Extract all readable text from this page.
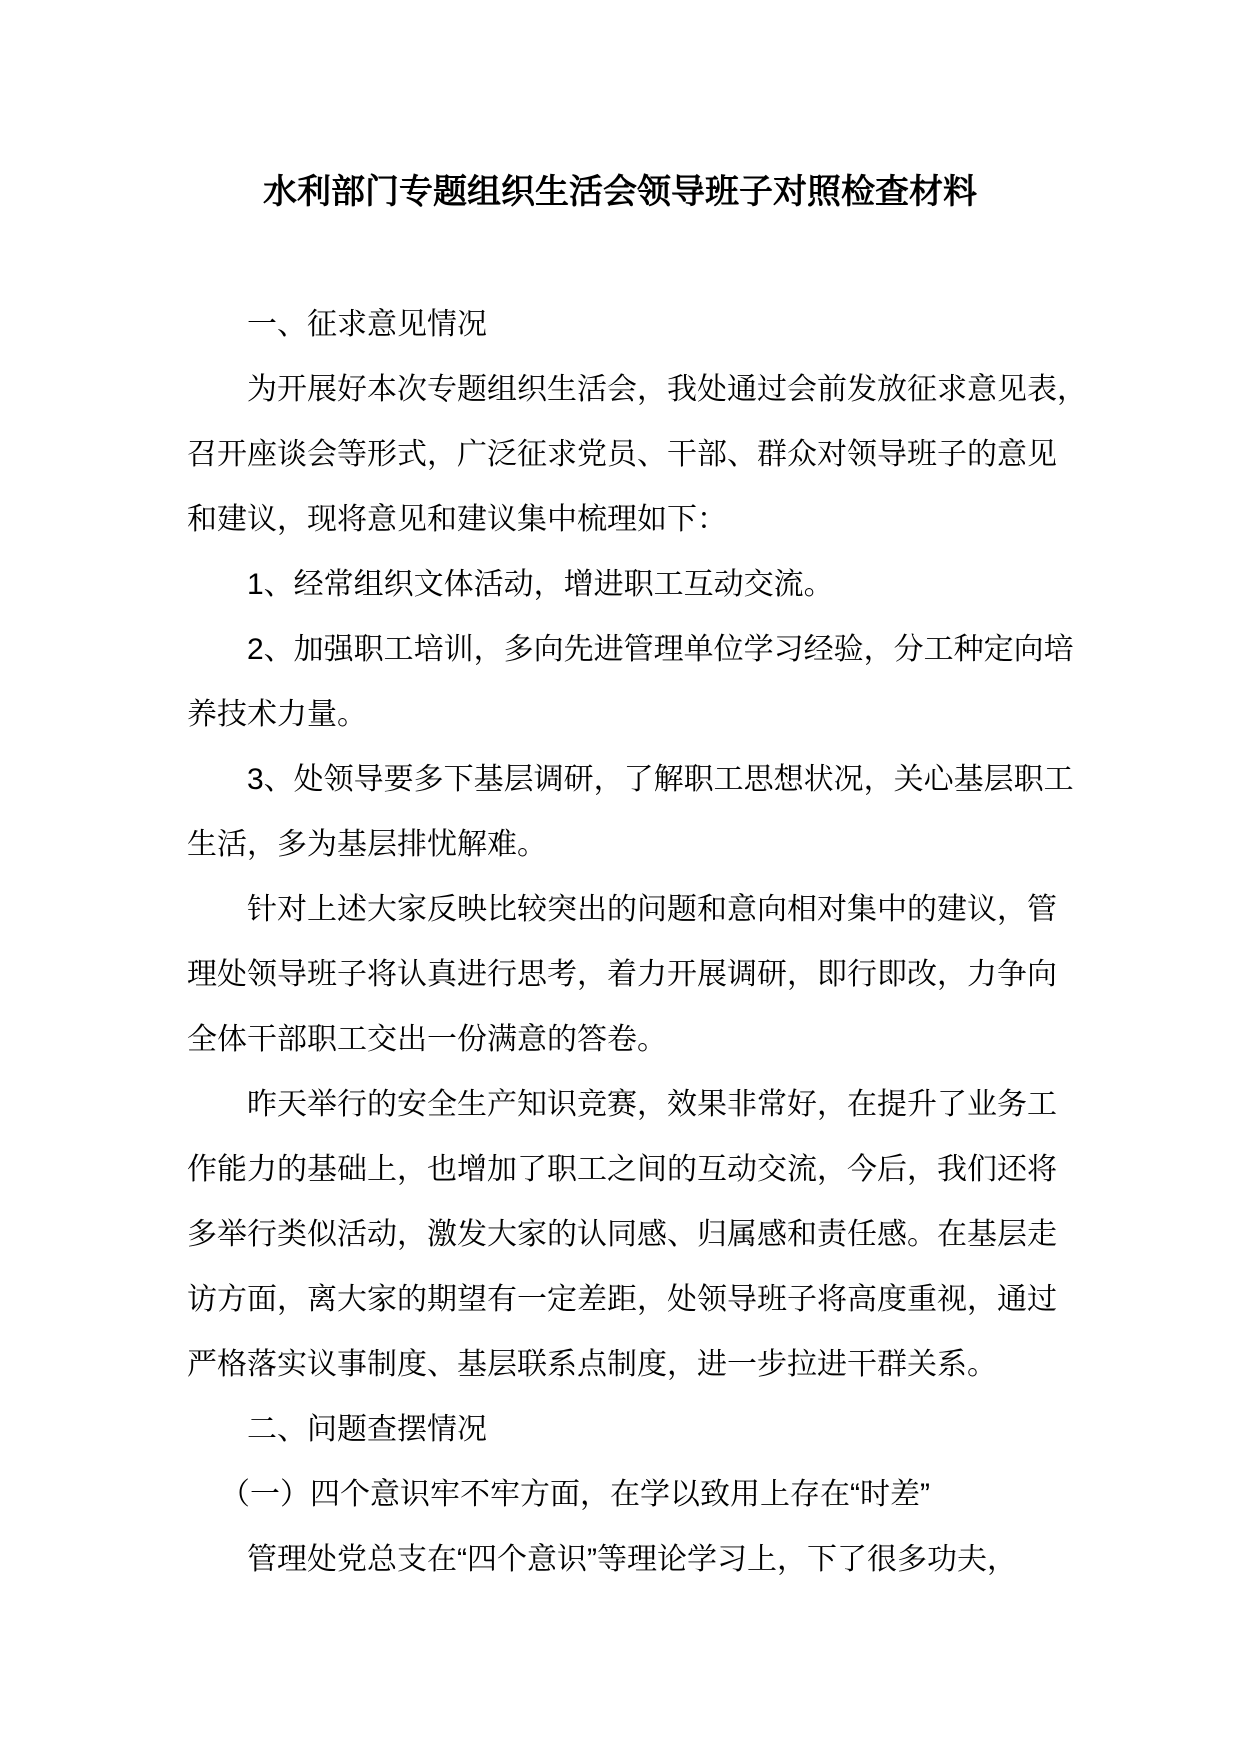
水利部门专题组织生活会领导班子对照检查材料
一、征求意见情况
为开展好本次专题组织生活会，我处通过会前发放征求意见表，
召开座谈会等形式，广泛征求党员、干部、群众对领导班子的意见
和建议，现将意见和建议集中梳理如下：
1、经常组织文体活动，增进职工互动交流。
2、加强职工培训，多向先进管理单位学习经验，分工种定向培
养技术力量。
3、处领导要多下基层调研，了解职工思想状况，关心基层职工
生活，多为基层排忧解难。
针对上述大家反映比较突出的问题和意向相对集中的建议，管
理处领导班子将认真进行思考，着力开展调研，即行即改，力争向
全体干部职工交出一份满意的答卷。
昨天举行的安全生产知识竞赛，效果非常好，在提升了业务工
作能力的基础上，也增加了职工之间的互动交流，今后，我们还将
多举行类似活动，激发大家的认同感、归属感和责任感。在基层走
访方面，离大家的期望有一定差距，处领导班子将高度重视，通过
严格落实议事制度、基层联系点制度，进一步拉进干群关系。
二、问题查摆情况
（一）四个意识牢不牢方面，在学以致用上存在“时差”
管理处党总支在“四个意识”等理论学习上，下了很多功夫，
